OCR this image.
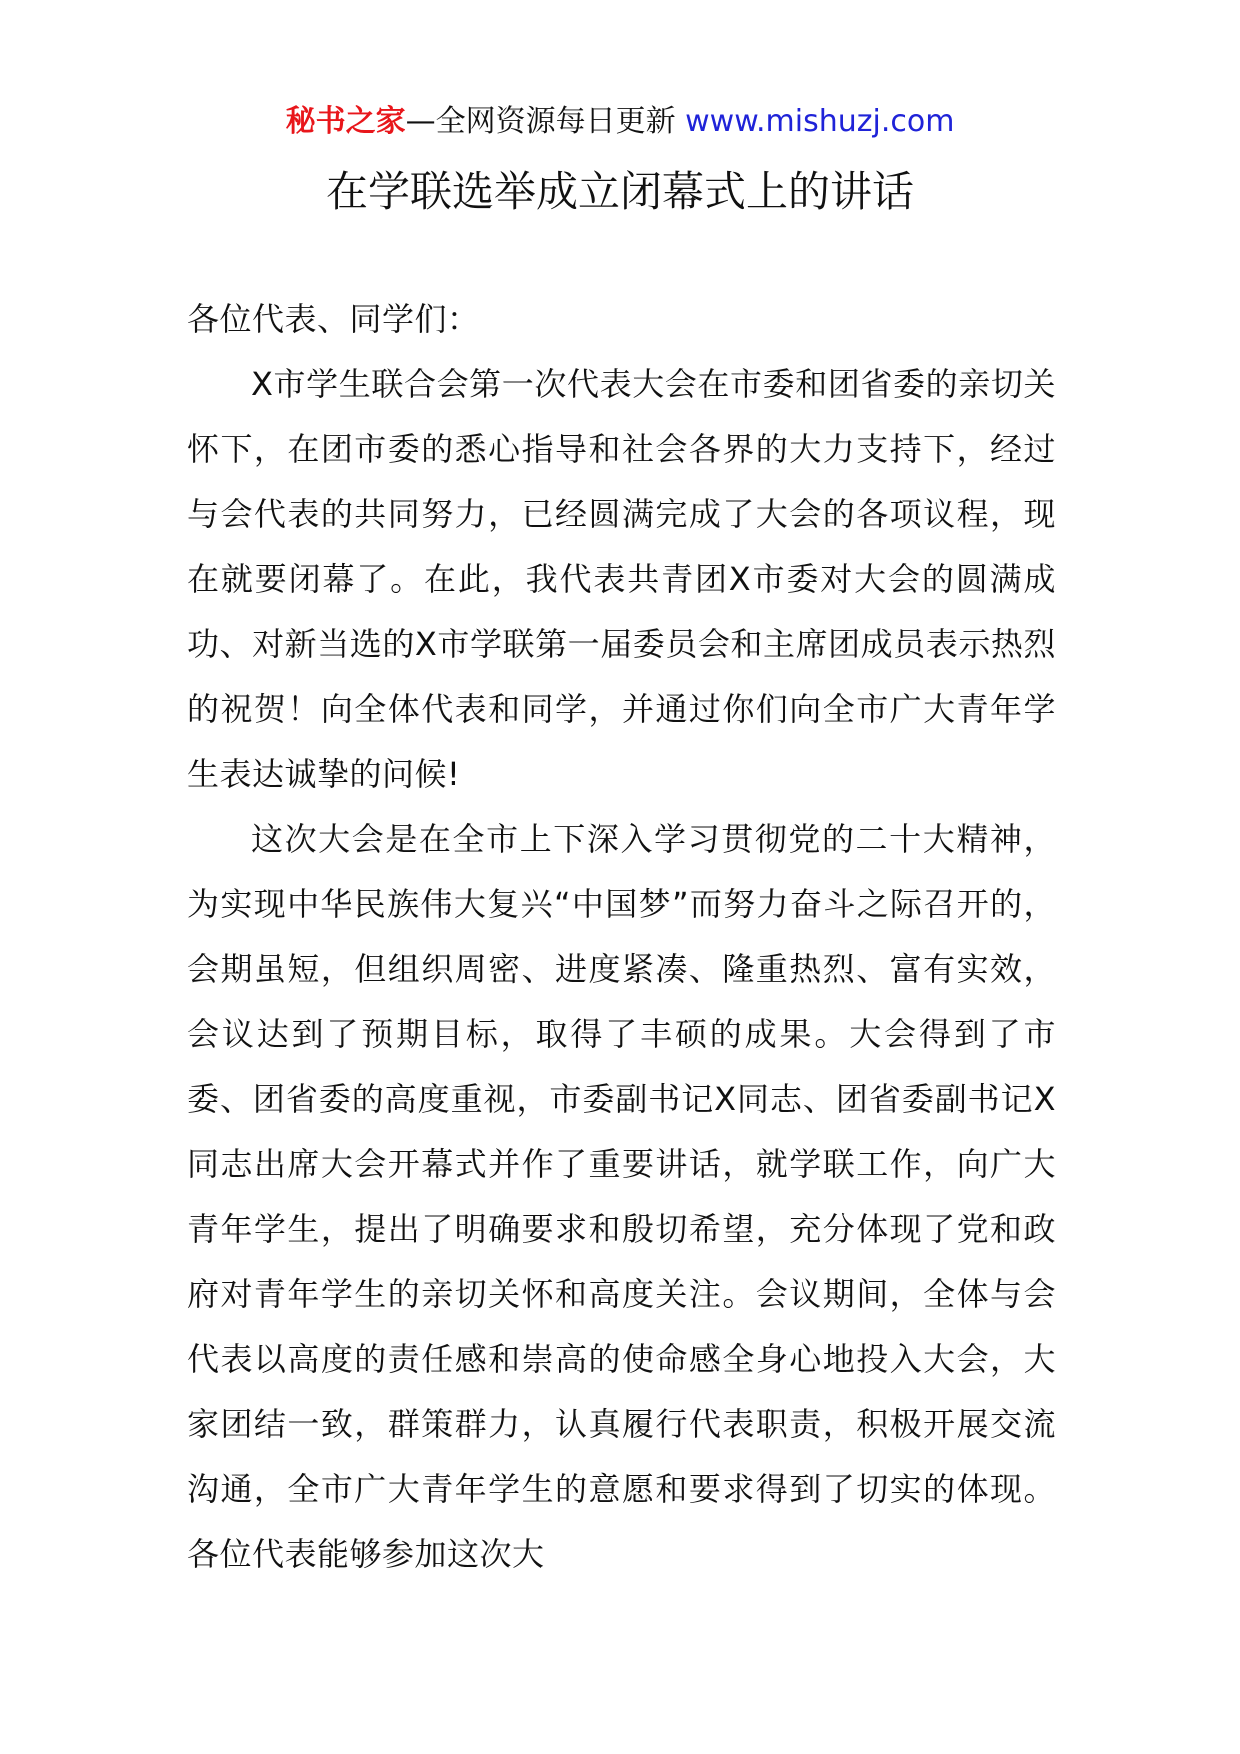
秘书之家—全网资源每日更新 www.mishuzj.com
在学联选举成立闭幕式上的讲话

各位代表、同学们：

X市学生联合会第一次代表大会在市委和团省委的亲切关怀下，在团市委的悉心指导和社会各界的大力支持下，经过与会代表的共同努力，已经圆满完成了大会的各项议程，现在就要闭幕了。在此，我代表共青团X市委对大会的圆满成功、对新当选的X市学联第一届委员会和主席团成员表示热烈的祝贺！向全体代表和同学，并通过你们向全市广大青年学生表达诚挚的问候!

这次大会是在全市上下深入学习贯彻党的二十大精神，为实现中华民族伟大复兴“中国梦”而努力奋斗之际召开的，会期虽短，但组织周密、进度紧凑、隆重热烈、富有实效，会议达到了预期目标，取得了丰硕的成果。大会得到了市委、团省委的高度重视，市委副书记X同志、团省委副书记X同志出席大会开幕式并作了重要讲话，就学联工作，向广大青年学生，提出了明确要求和殷切希望，充分体现了党和政府对青年学生的亲切关怀和高度关注。会议期间，全体与会代表以高度的责任感和崇高的使命感全身心地投入大会，大家团结一致，群策群力，认真履行代表职责，积极开展交流沟通，全市广大青年学生的意愿和要求得到了切实的体现。各位代表能够参加这次大
